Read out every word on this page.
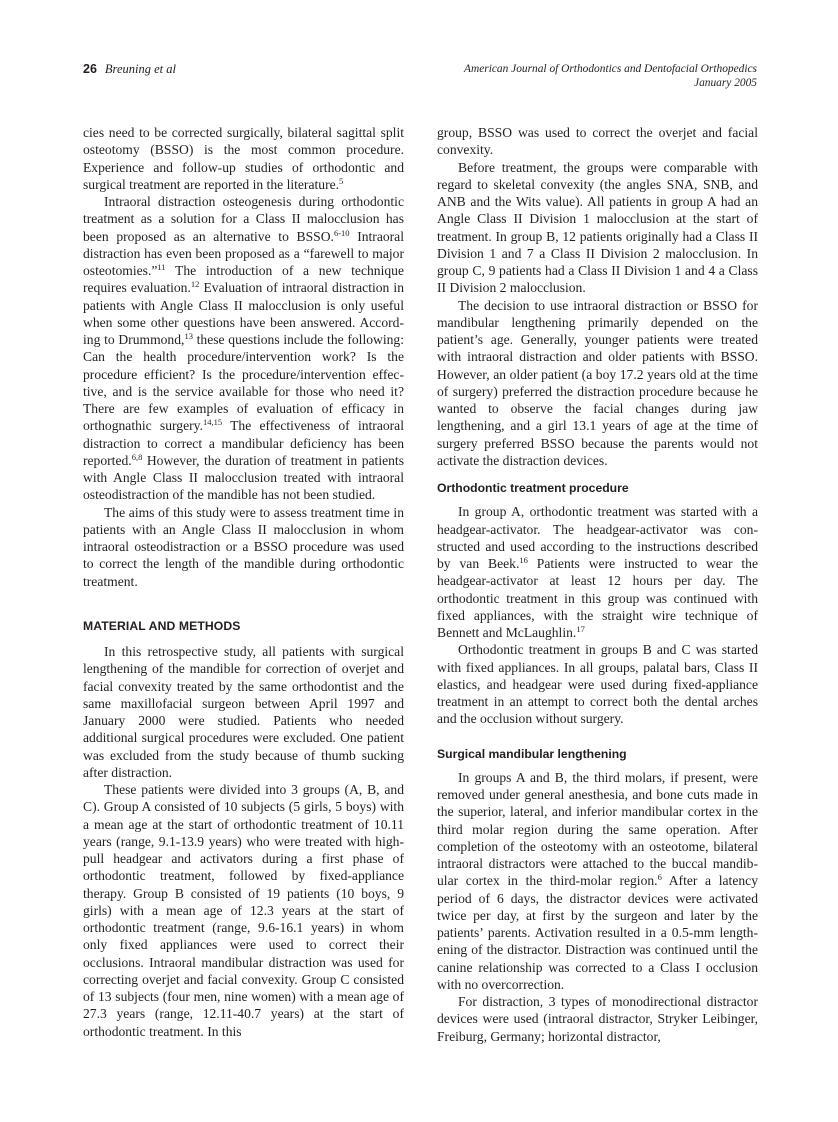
26 Breuning et al	American Journal of Orthodontics and Dentofacial Orthopedics
January 2005

cies need to be corrected surgically, bilateral sagittal split osteotomy (BSSO) is the most common procedure. Experience and follow-up studies of orthodontic and surgical treatment are reported in the literature.$^5$

Intraoral distraction osteogenesis during orthodontic treatment as a solution for a Class II malocclusion has been proposed as an alternative to BSSO.$^{6-10}$ Intraoral distraction has even been proposed as a “farewell to major osteotomies.”$^{11}$ The introduction of a new technique requires evaluation.$^{12}$ Evaluation of intraoral distraction in patients with Angle Class II malocclusion is only useful when some other questions have been answered. According to Drummond,$^{13}$ these questions include the following: Can the health procedure/intervention work? Is the procedure efficient? Is the procedure/intervention effective, and is the service available for those who need it? There are few examples of evaluation of efficacy in orthognathic surgery.$^{14,15}$ The effectiveness of intraoral distraction to correct a mandibular deficiency has been reported.$^{6,8}$ However, the duration of treatment in patients with Angle Class II malocclusion treated with intraoral osteodistraction of the mandible has not been studied.

The aims of this study were to assess treatment time in patients with an Angle Class II malocclusion in whom intraoral osteodistraction or a BSSO procedure was used to correct the length of the mandible during orthodontic treatment.

MATERIAL AND METHODS

In this retrospective study, all patients with surgical lengthening of the mandible for correction of overjet and facial convexity treated by the same orthodontist and the same maxillofacial surgeon between April 1997 and January 2000 were studied. Patients who needed additional surgical procedures were excluded. One patient was excluded from the study because of thumb sucking after distraction.

These patients were divided into 3 groups (A, B, and C). Group A consisted of 10 subjects (5 girls, 5 boys) with a mean age at the start of orthodontic treatment of 10.11 years (range, 9.1-13.9 years) who were treated with high-pull headgear and activators during a first phase of orthodontic treatment, followed by fixed-appliance therapy. Group B consisted of 19 patients (10 boys, 9 girls) with a mean age of 12.3 years at the start of orthodontic treatment (range, 9.6-16.1 years) in whom only fixed appliances were used to correct their occlusions. Intraoral mandibular distraction was used for correcting overjet and facial convexity. Group C consisted of 13 subjects (four men, nine women) with a mean age of 27.3 years (range, 12.11-40.7 years) at the start of orthodontic treatment. In this

group, BSSO was used to correct the overjet and facial convexity.

Before treatment, the groups were comparable with regard to skeletal convexity (the angles SNA, SNB, and ANB and the Wits value). All patients in group A had an Angle Class II Division 1 malocclusion at the start of treatment. In group B, 12 patients originally had a Class II Division 1 and 7 a Class II Division 2 malocclusion. In group C, 9 patients had a Class II Division 1 and 4 a Class II Division 2 malocclusion.

The decision to use intraoral distraction or BSSO for mandibular lengthening primarily depended on the patient’s age. Generally, younger patients were treated with intraoral distraction and older patients with BSSO. However, an older patient (a boy 17.2 years old at the time of surgery) preferred the distraction procedure because he wanted to observe the facial changes during jaw lengthening, and a girl 13.1 years of age at the time of surgery preferred BSSO because the parents would not activate the distraction devices.

Orthodontic treatment procedure

In group A, orthodontic treatment was started with a headgear-activator. The headgear-activator was constructed and used according to the instructions described by van Beek.$^{16}$ Patients were instructed to wear the headgear-activator at least 12 hours per day. The orthodontic treatment in this group was continued with fixed appliances, with the straight wire technique of Bennett and McLaughlin.$^{17}$

Orthodontic treatment in groups B and C was started with fixed appliances. In all groups, palatal bars, Class II elastics, and headgear were used during fixed-appliance treatment in an attempt to correct both the dental arches and the occlusion without surgery.

Surgical mandibular lengthening

In groups A and B, the third molars, if present, were removed under general anesthesia, and bone cuts made in the superior, lateral, and inferior mandibular cortex in the third molar region during the same operation. After completion of the osteotomy with an osteotome, bilateral intraoral distractors were attached to the buccal mandibular cortex in the third-molar region.$^6$ After a latency period of 6 days, the distractor devices were activated twice per day, at first by the surgeon and later by the patients’ parents. Activation resulted in a 0.5-mm lengthening of the distractor. Distraction was continued until the canine relationship was corrected to a Class I occlusion with no overcorrection.

For distraction, 3 types of monodirectional distractor devices were used (intraoral distractor, Stryker Leibinger, Freiburg, Germany; horizontal distractor,
